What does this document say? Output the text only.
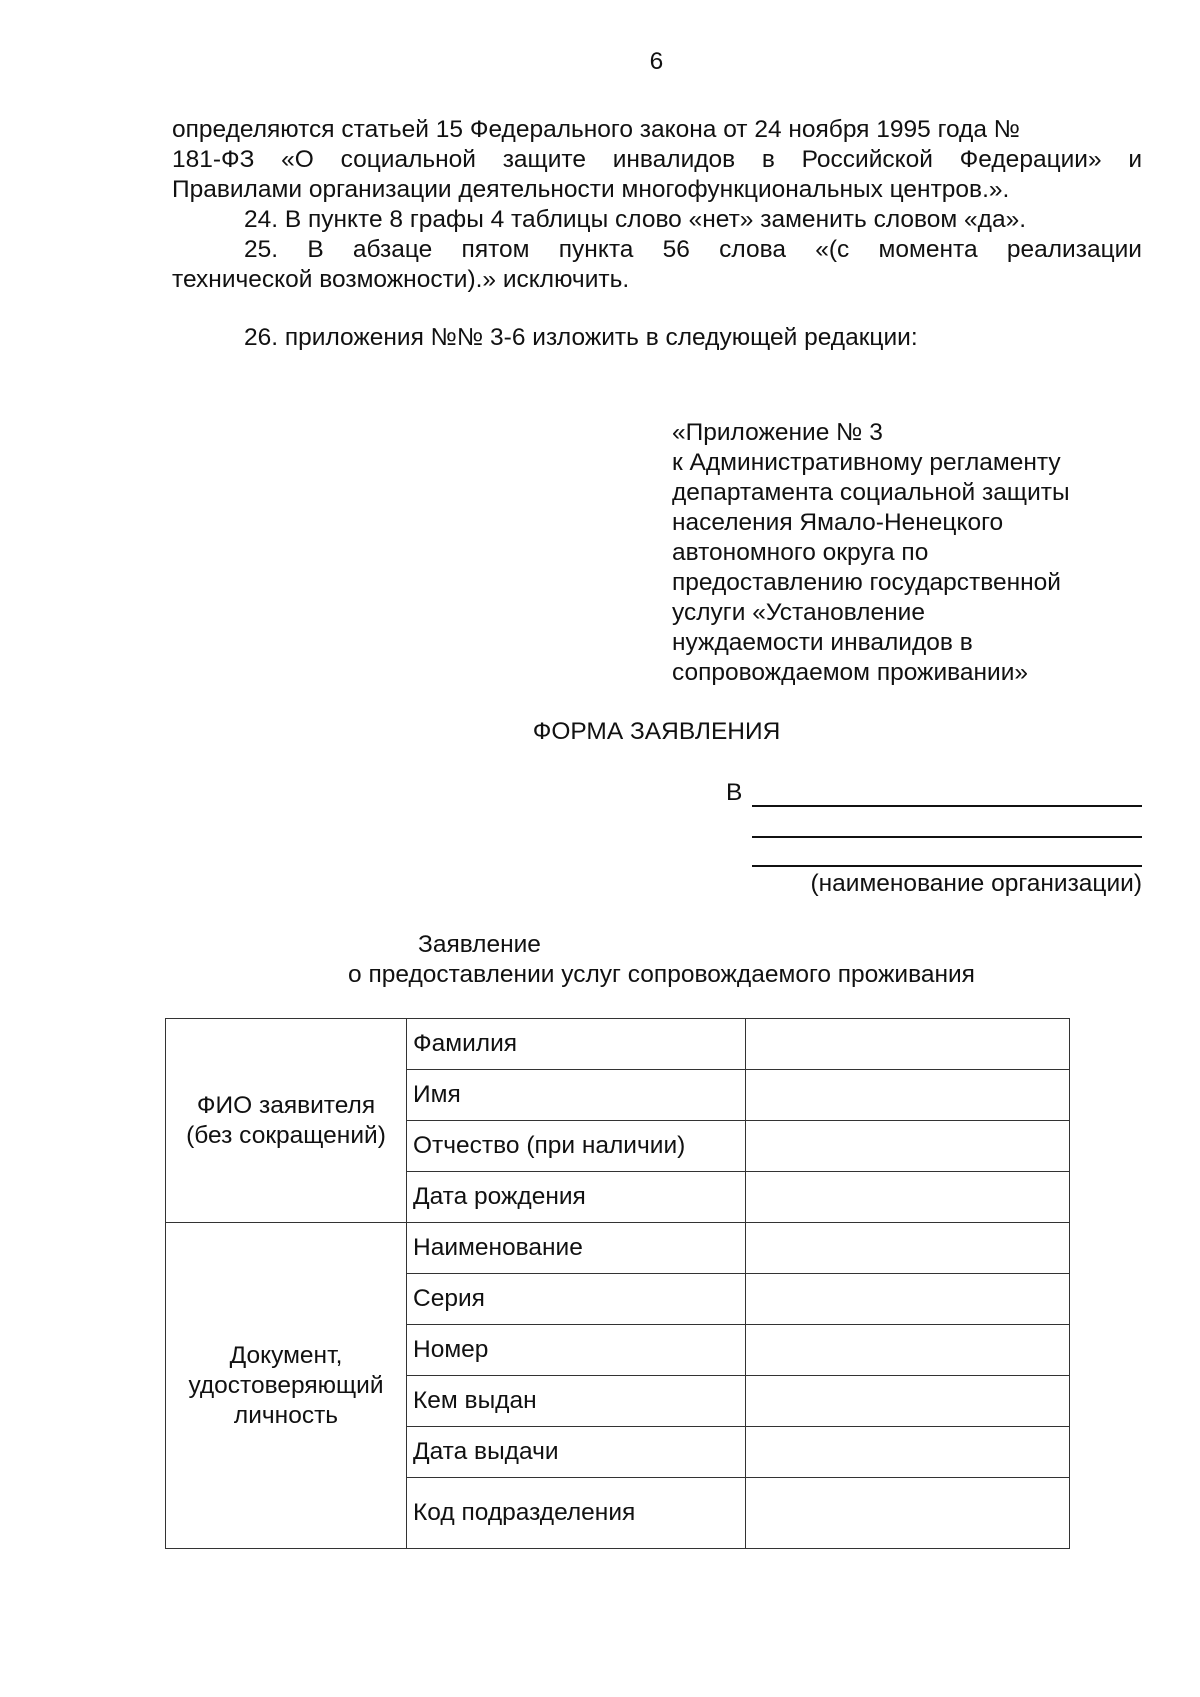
6
определяются статьей 15 Федерального закона от 24 ноября 1995 года №
181-ФЗ «О социальной защите инвалидов в Российской Федерации» и
Правилами организации деятельности многофункциональных центров.».
24. В пункте 8 графы 4 таблицы слово «нет» заменить словом «да».
25. В абзаце пятом пункта 56 слова «(с момента реализации
технической возможности).» исключить.
26. приложения №№ 3-6 изложить в следующей редакции:
«Приложение № 3
к Административному регламенту
департамента социальной защиты
населения Ямало-Ненецкого
автономного округа по
предоставлению государственной
услуги «Установление
нуждаемости инвалидов в
сопровождаемом проживании»
ФОРМА ЗАЯВЛЕНИЯ
В
(наименование организации)
Заявление
о предоставлении услуг сопровождаемого проживания
ФИО заявителя
(без сокращений)	Фамилия	
	Имя	
	Отчество (при наличии)	
	Дата рождения	

Документ,
удостоверяющий
личность	Наименование	
	Серия	
	Номер	
	Кем выдан	
	Дата выдачи	
	Код подразделения	
